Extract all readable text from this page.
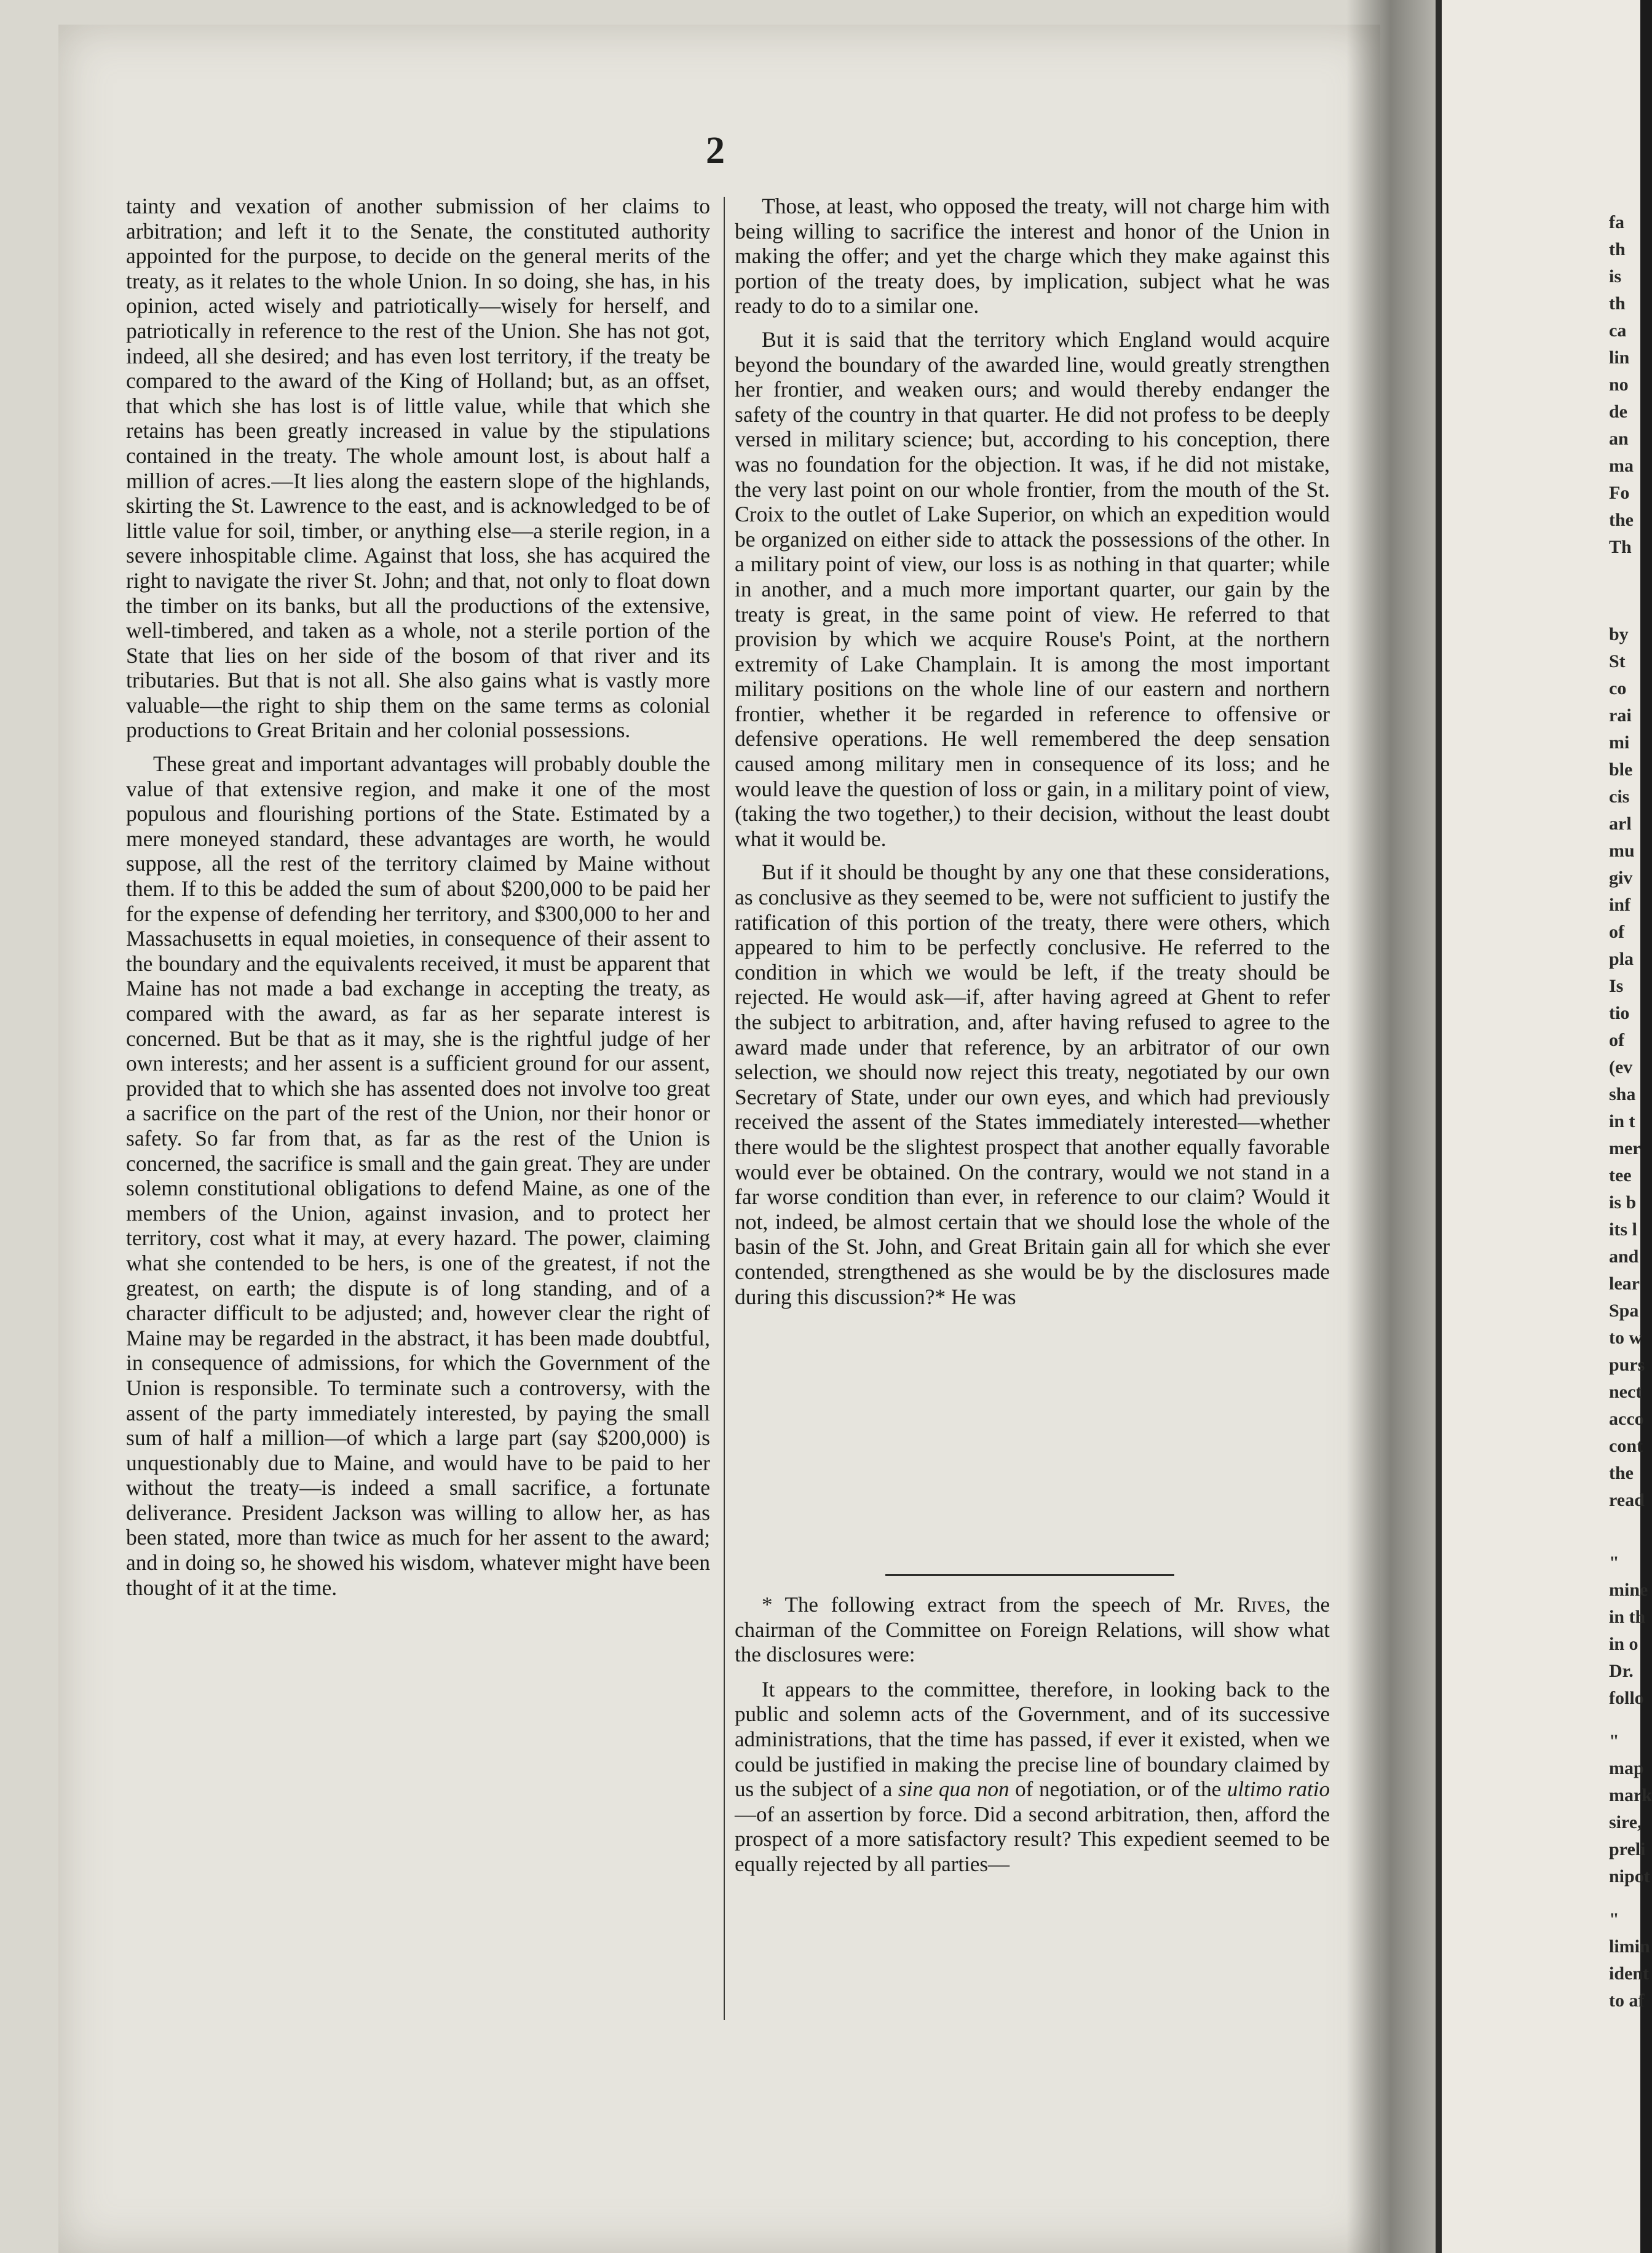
2

tainty and vexation of another submission of her claims to arbitration; and left it to the Senate, the constituted authority appointed for the purpose, to decide on the general merits of the treaty, as it relates to the whole Union. In so doing, she has, in his opinion, acted wisely and patriotically—wisely for herself, and patriotically in reference to the rest of the Union. She has not got, indeed, all she desired; and has even lost territory, if the treaty be compared to the award of the King of Holland; but, as an offset, that which she has lost is of little value, while that which she retains has been greatly increased in value by the stipulations contained in the treaty. The whole amount lost, is about half a million of acres.—It lies along the eastern slope of the highlands, skirting the St. Lawrence to the east, and is acknowledged to be of little value for soil, timber, or anything else—a sterile region, in a severe inhospitable clime. Against that loss, she has acquired the right to navigate the river St. John; and that, not only to float down the timber on its banks, but all the productions of the extensive, well-timbered, and taken as a whole, not a sterile portion of the State that lies on her side of the bosom of that river and its tributaries. But that is not all. She also gains what is vastly more valuable—the right to ship them on the same terms as colonial productions to Great Britain and her colonial possessions.

These great and important advantages will probably double the value of that extensive region, and make it one of the most populous and flourishing portions of the State. Estimated by a mere moneyed standard, these advantages are worth, he would suppose, all the rest of the territory claimed by Maine without them. If to this be added the sum of about $200,000 to be paid her for the expense of defending her territory, and $300,000 to her and Massachusetts in equal moieties, in consequence of their assent to the boundary and the equivalents received, it must be apparent that Maine has not made a bad exchange in accepting the treaty, as compared with the award, as far as her separate interest is concerned. But be that as it may, she is the rightful judge of her own interests; and her assent is a sufficient ground for our assent, provided that to which she has assented does not involve too great a sacrifice on the part of the rest of the Union, nor their honor or safety. So far from that, as far as the rest of the Union is concerned, the sacrifice is small and the gain great. They are under solemn constitutional obligations to defend Maine, as one of the members of the Union, against invasion, and to protect her territory, cost what it may, at every hazard. The power, claiming what she contended to be hers, is one of the greatest, if not the greatest, on earth; the dispute is of long standing, and of a character difficult to be adjusted; and, however clear the right of Maine may be regarded in the abstract, it has been made doubtful, in consequence of admissions, for which the Government of the Union is responsible. To terminate such a controversy, with the assent of the party immediately interested, by paying the small sum of half a million—of which a large part (say $200,000) is unquestionably due to Maine, and would have to be paid to her without the treaty—is indeed a small sacrifice, a fortunate deliverance. President Jackson was willing to allow her, as has been stated, more than twice as much for her assent to the award; and in doing so, he showed his wisdom, whatever might have been thought of it at the time.

Those, at least, who opposed the treaty, will not charge him with being willing to sacrifice the interest and honor of the Union in making the offer; and yet the charge which they make against this portion of the treaty does, by implication, subject what he was ready to do to a similar one.

But it is said that the territory which England would acquire beyond the boundary of the awarded line, would greatly strengthen her frontier, and weaken ours; and would thereby endanger the safety of the country in that quarter. He did not profess to be deeply versed in military science; but, according to his conception, there was no foundation for the objection. It was, if he did not mistake, the very last point on our whole frontier, from the mouth of the St. Croix to the outlet of Lake Superior, on which an expedition would be organized on either side to attack the possessions of the other. In a military point of view, our loss is as nothing in that quarter; while in another, and a much more important quarter, our gain by the treaty is great, in the same point of view. He referred to that provision by which we acquire Rouse's Point, at the northern extremity of Lake Champlain. It is among the most important military positions on the whole line of our eastern and northern frontier, whether it be regarded in reference to offensive or defensive operations. He well remembered the deep sensation caused among military men in consequence of its loss; and he would leave the question of loss or gain, in a military point of view, (taking the two together,) to their decision, without the least doubt what it would be.

But if it should be thought by any one that these considerations, as conclusive as they seemed to be, were not sufficient to justify the ratification of this portion of the treaty, there were others, which appeared to him to be perfectly conclusive. He referred to the condition in which we would be left, if the treaty should be rejected. He would ask—if, after having agreed at Ghent to refer the subject to arbitration, and, after having refused to agree to the award made under that reference, by an arbitrator of our own selection, we should now reject this treaty, negotiated by our own Secretary of State, under our own eyes, and which had previously received the assent of the States immediately interested—whether there would be the slightest prospect that another equally favorable would ever be obtained. On the contrary, would we not stand in a far worse condition than ever, in reference to our claim? Would it not, indeed, be almost certain that we should lose the whole of the basin of the St. John, and Great Britain gain all for which she ever contended, strengthened as she would be by the disclosures made during this discussion?* He was

* The following extract from the speech of Mr. Rives, the chairman of the Committee on Foreign Relations, will show what the disclosures were:

It appears to the committee, therefore, in looking back to the public and solemn acts of the Government, and of its successive administrations, that the time has passed, if ever it existed, when we could be justified in making the precise line of boundary claimed by us the subject of a sine qua non of negotiation, or of the ultimo ratio—of an assertion by force. Did a second arbitration, then, afford the prospect of a more satisfactory result? This expedient seemed to be equally rejected by all parties—

fa
th
is
th
ca
lin
no
de
an
ma
Fo
the
Th
by
St
co
rai
mi
ble
cis
arl
mu
giv
inf
of
pla
Is
tio
of
(ev
sha
in t
mer
tee
is b
its l
and
lear
Spa
to w
purs
nect
acco
cont
the
read
"
mine
in th
in o
Dr.
follo
"
map
mark
sire,
preli
nipot
"
limin
ident
to af
